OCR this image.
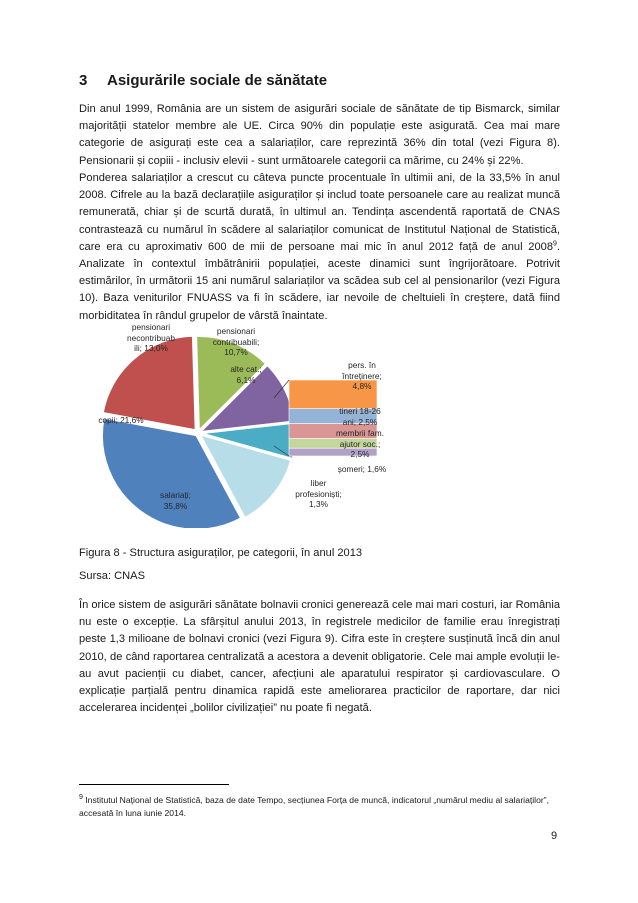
3 Asigurările sociale de sănătate

Din anul 1999, România are un sistem de asigurări sociale de sănătate de tip Bismarck, similar majorității statelor membre ale UE. Circa 90% din populație este asigurată. Cea mai mare categorie de asigurați este cea a salariaților, care reprezintă 36% din total (vezi Figura 8). Pensionarii și copiii - inclusiv elevii - sunt următoarele categorii ca mărime, cu 24% și 22%.

Ponderea salariaților a crescut cu câteva puncte procentuale în ultimii ani, de la 33,5% în anul 2008. Cifrele au la bază declarațiile asiguraților și includ toate persoanele care au realizat muncă remunerată, chiar și de scurtă durată, în ultimul an. Tendința ascendentă raportată de CNAS contrastează cu numărul în scădere al salariaților comunicat de Institutul Național de Statistică, care era cu aproximativ 600 de mii de persoane mai mic în anul 2012 față de anul 2008$^9$. Analizate în contextul îmbătrânirii populației, aceste dinamici sunt îngrijorătoare. Potrivit estimărilor, în următorii 15 ani numărul salariaților va scădea sub cel al pensionarilor (vezi Figura 10). Baza veniturilor FNUASS va fi în scădere, iar nevoile de cheltuieli în creștere, dată fiind morbiditatea în rândul grupelor de vârstă înaintate.

pensionari
necontribuab
ili; 13,0%
pensionari
contribuabili;
10,7%
alte cat.;
6,1%
copii; 21,6%
salariați;
35,8%
pers. în
întreținere;
4,8%
tineri 18-26
ani; 2,5%
membrii fam.
ajutor soc.;
2,5%
șomeri; 1,6%
liber
profesioniști;
1,3%

Figura 8 - Structura asiguraților, pe categorii, în anul 2013

Sursa: CNAS

În orice sistem de asigurări sănătate bolnavii cronici generează cele mai mari costuri, iar România nu este o excepție. La sfârșitul anului 2013, în registrele medicilor de familie erau înregistrați peste 1,3 milioane de bolnavi cronici (vezi Figura 9). Cifra este în creștere susținută încă din anul 2010, de când raportarea centralizată a acestora a devenit obligatorie. Cele mai ample evoluții le-au avut pacienții cu diabet, cancer, afecțiuni ale aparatului respirator și cardiovasculare. O explicație parțială pentru dinamica rapidă este ameliorarea practicilor de raportare, dar nici accelerarea incidenței „bolilor civilizației” nu poate fi negată.

$^9$ Institutul Național de Statistică, baza de date Tempo, secțiunea Forța de muncă, indicatorul „numărul mediu al salariaților”, accesată în luna iunie 2014.

9
